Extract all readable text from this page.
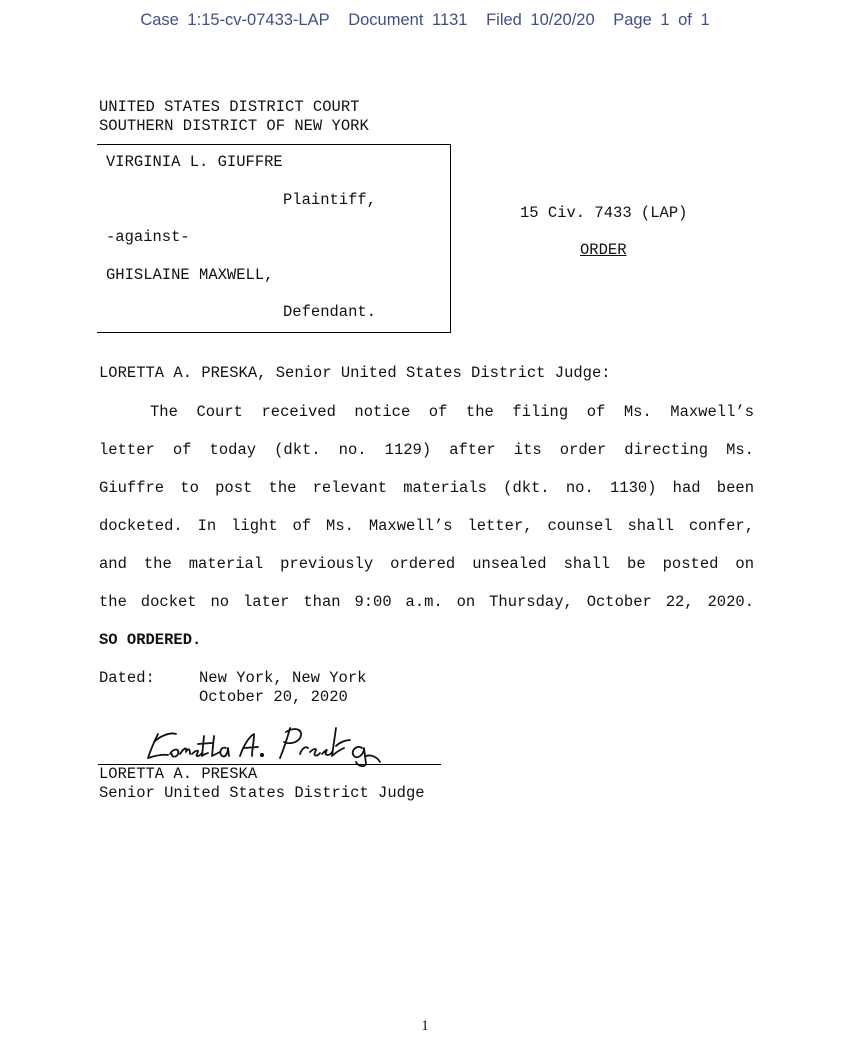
Case 1:15-cv-07433-LAP Document 1131 Filed 10/20/20 Page 1 of 1
UNITED STATES DISTRICT COURT
SOUTHERN DISTRICT OF NEW YORK
VIRGINIA L. GIUFFRE
Plaintiff,
-against-
GHISLAINE MAXWELL,
Defendant.
15 Civ. 7433 (LAP)
ORDER
LORETTA A. PRESKA, Senior United States District Judge:
The Court received notice of the filing of Ms. Maxwell’s
letter of today (dkt. no. 1129) after its order directing Ms.
Giuffre to post the relevant materials (dkt. no. 1130) had been
docketed. In light of Ms. Maxwell’s letter, counsel shall confer,
and the material previously ordered unsealed shall be posted on
the docket no later than 9:00 a.m. on Thursday, October 22, 2020.
SO ORDERED.
Dated:	New York, New York
October 20, 2020
LORETTA A. PRESKA
Senior United States District Judge
1
